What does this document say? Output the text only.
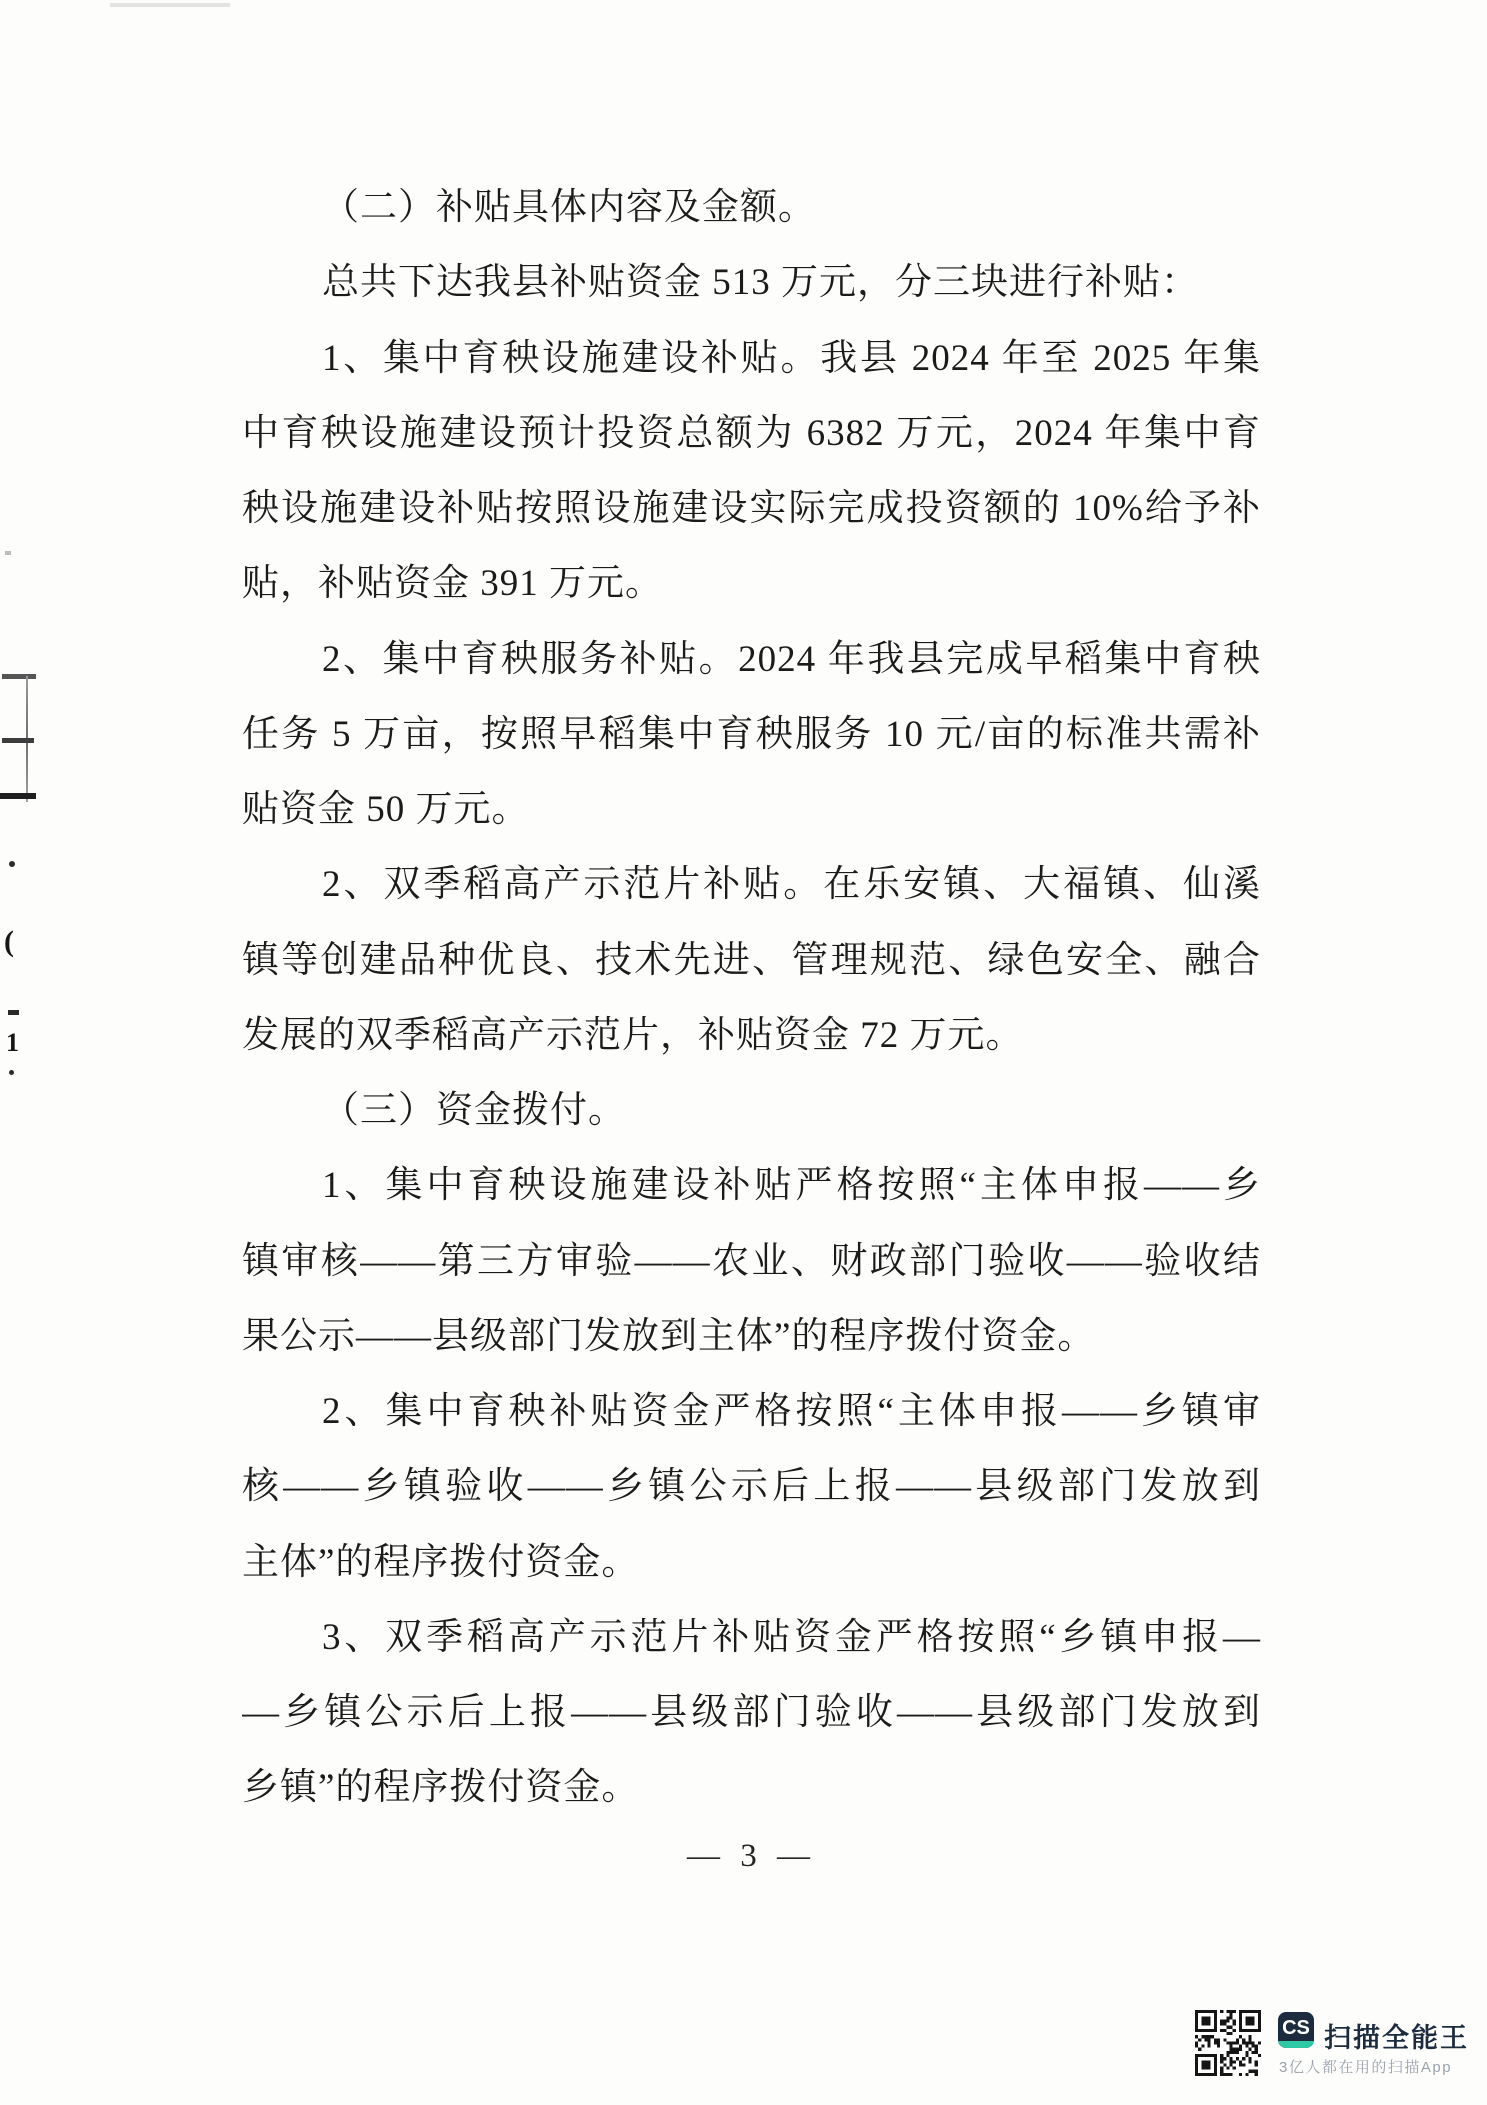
（二）补贴具体内容及金额。
总共下达我县补贴资金 513 万元，分三块进行补贴：
1、集中育秧设施建设补贴。我县 2024 年至 2025 年集
中育秧设施建设预计投资总额为 6382 万元，2024 年集中育
秧设施建设补贴按照设施建设实际完成投资额的 10%给予补
贴，补贴资金 391 万元。
2、集中育秧服务补贴。2024 年我县完成早稻集中育秧
任务 5 万亩，按照早稻集中育秧服务 10 元/亩的标准共需补
贴资金 50 万元。
2、双季稻高产示范片补贴。在乐安镇、大福镇、仙溪
镇等创建品种优良、技术先进、管理规范、绿色安全、融合
发展的双季稻高产示范片，补贴资金 72 万元。
（三）资金拨付。
1、集中育秧设施建设补贴严格按照“主体申报——乡
镇审核——第三方审验——农业、财政部门验收——验收结
果公示——县级部门发放到主体”的程序拨付资金。
2、集中育秧补贴资金严格按照“主体申报——乡镇审
核——乡镇验收——乡镇公示后上报——县级部门发放到
主体”的程序拨付资金。
3、双季稻高产示范片补贴资金严格按照“乡镇申报—
—乡镇公示后上报——县级部门验收——县级部门发放到
乡镇”的程序拨付资金。
— 3 —
(
1
CS 扫描全能王
3亿人都在用的扫描App
